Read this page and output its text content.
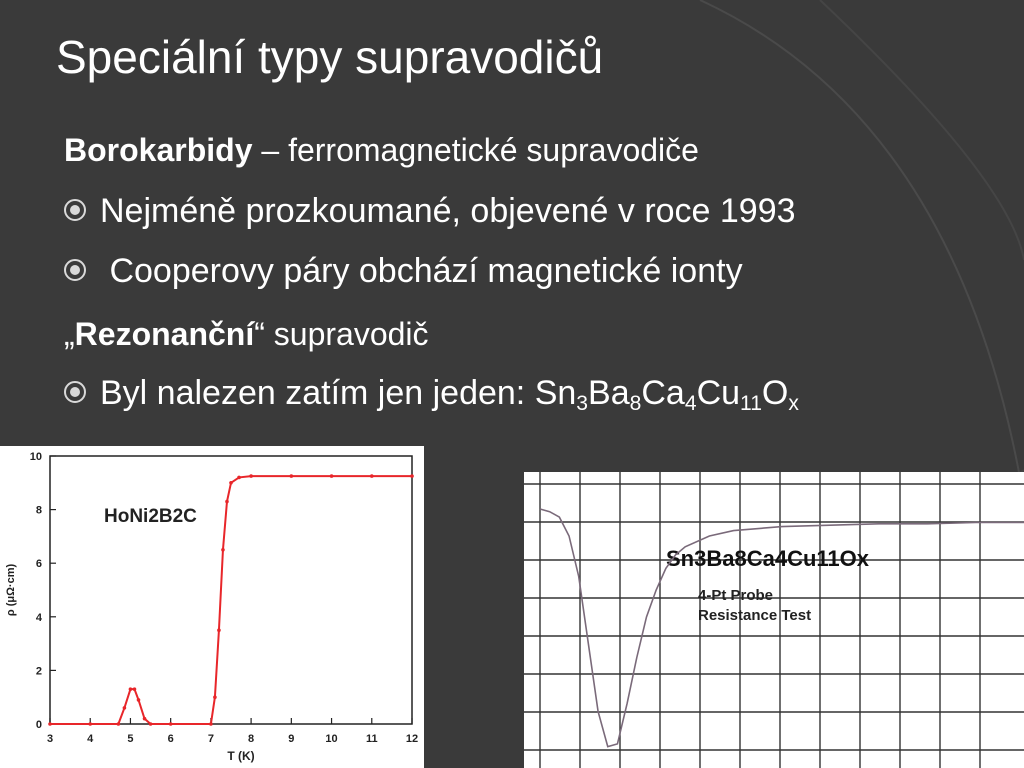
Speciální typy supravodičů
Borokarbidy – ferromagnetické supravodiče
Nejméně prozkoumané, objevené v roce 1993
Cooperovy páry obchází magnetické ionty
„Rezonanční“ supravodič
Byl nalezen zatím jen jeden: $Sn_3Ba_8Ca_4Cu_{11}O_x$
3	4	5	6	7	8	9	10	11	12
0
2
4
6
8
10
T (K)
ρ (μΩ·cm)
HoNi2B2C
Sn3Ba8Ca4Cu11Ox
4-Pt Probe
Resistance Test
